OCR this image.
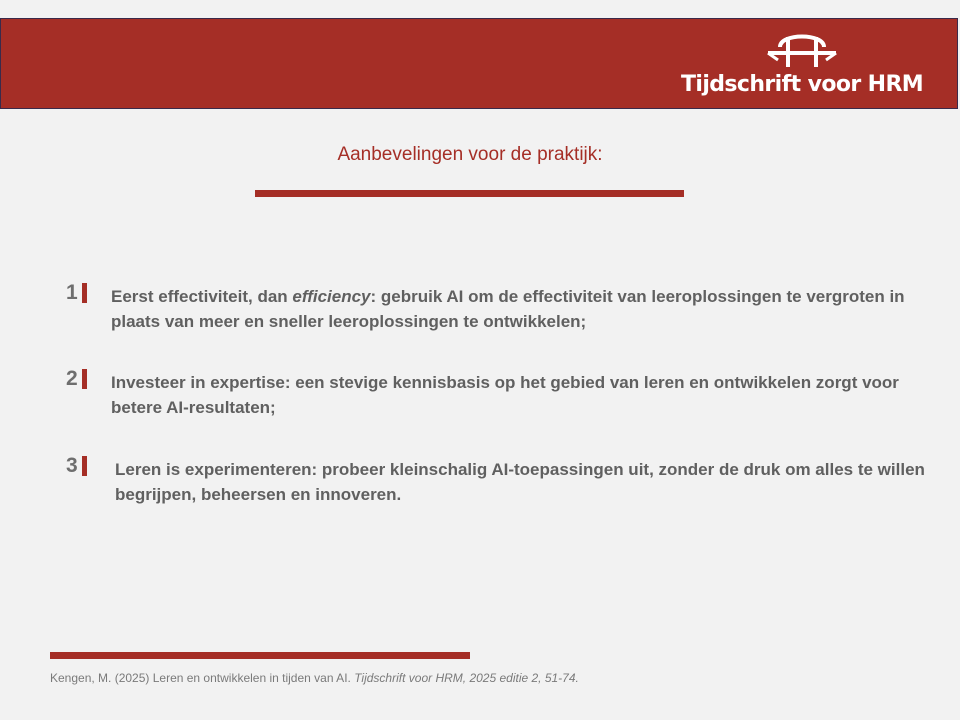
Tijdschrift voor HRM
Aanbevelingen voor de praktijk:
1 Eerst effectiviteit, dan efficiency: gebruik AI om de effectiviteit van leeroplossingen te vergroten in plaats van meer en sneller leeroplossingen te ontwikkelen;

2 Investeer in expertise: een stevige kennisbasis op het gebied van leren en ontwikkelen zorgt voor betere AI-resultaten;

3 Leren is experimenteren: probeer kleinschalig AI-toepassingen uit, zonder de druk om alles te willen begrijpen, beheersen en innoveren.

Kengen, M. (2025) Leren en ontwikkelen in tijden van AI. Tijdschrift voor HRM, 2025 editie 2, 51-74.
